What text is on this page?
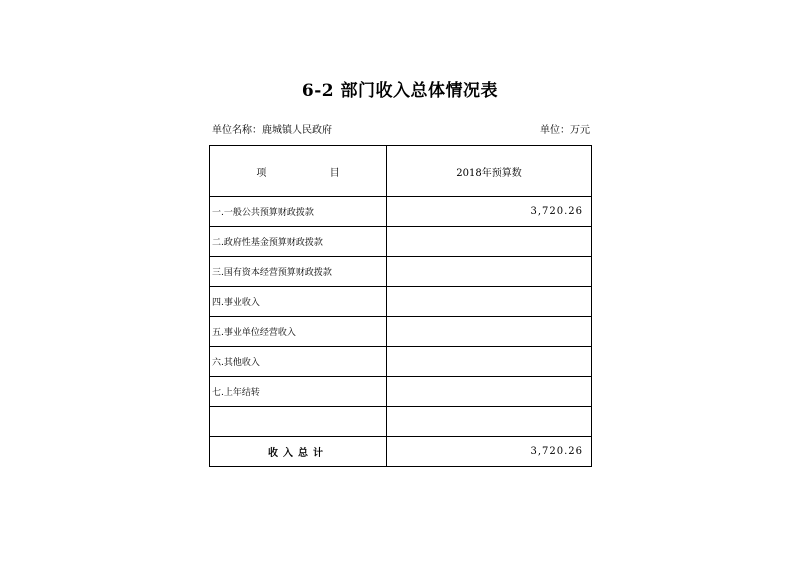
6-2 部门收入总体情况表
单位名称：鹿城镇人民政府	单位：万元
项 目	2018年预算数
一.一般公共预算财政拨款	3,720.26
二.政府性基金预算财政拨款	
三.国有资本经营预算财政拨款	
四.事业收入	
五.事业单位经营收入	
六.其他收入	
七.上年结转	

收入总计	3,720.26
